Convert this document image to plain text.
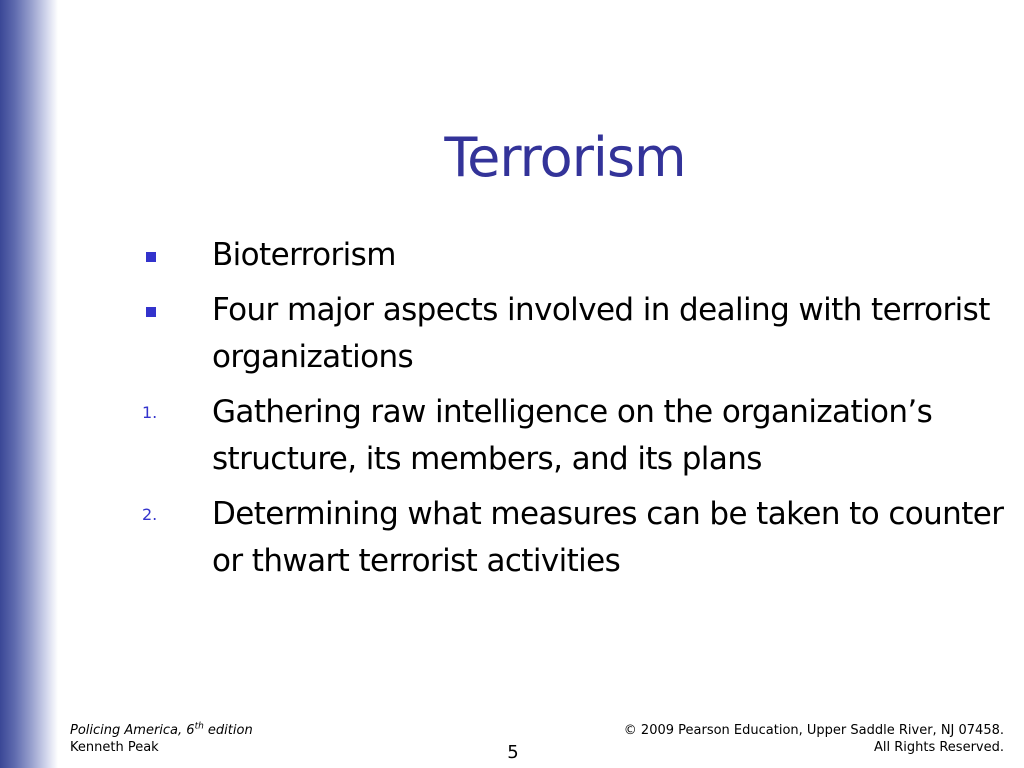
Terrorism
Bioterrorism
Four major aspects involved in dealing with terrorist organizations
1. Gathering raw intelligence on the organization’s structure, its members, and its plans
2. Determining what measures can be taken to counter or thwart terrorist activities
Policing America, 6th edition
Kenneth Peak	5
© 2009 Pearson Education, Upper Saddle River, NJ 07458.
All Rights Reserved.
